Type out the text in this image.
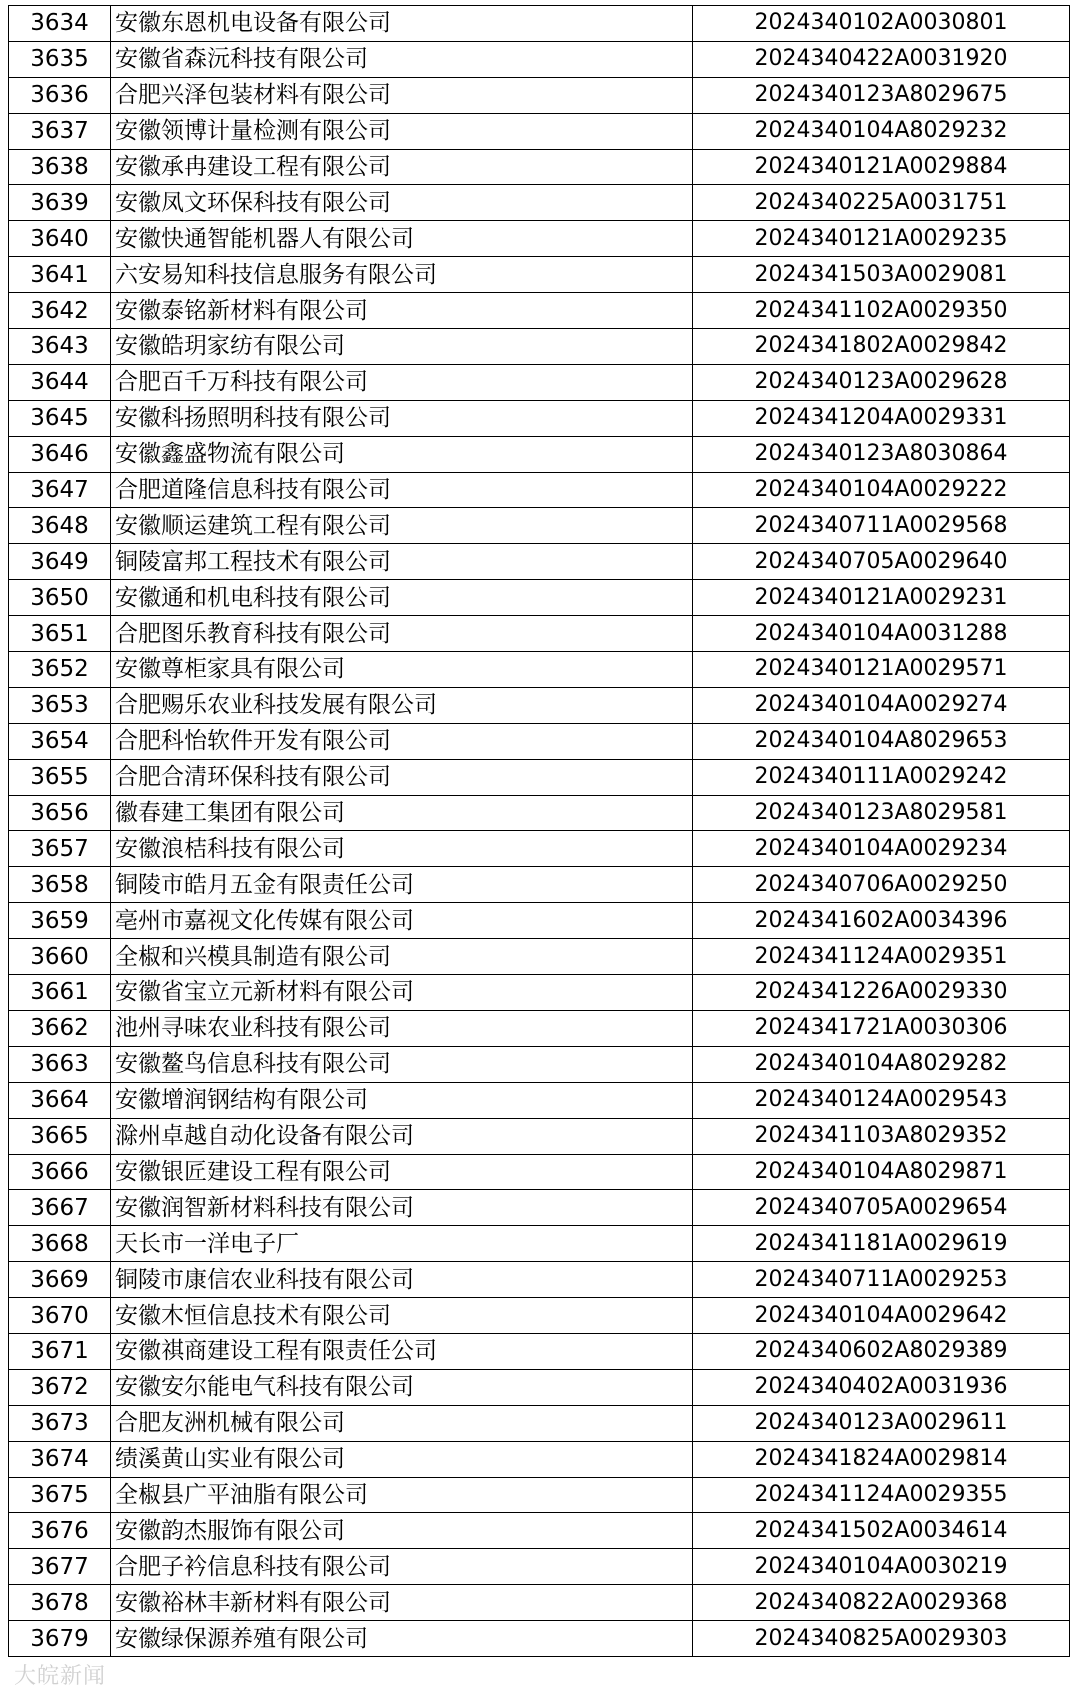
3634	安徽东恩机电设备有限公司	2024340102A0030801
3635	安徽省森沅科技有限公司	2024340422A0031920
3636	合肥兴泽包装材料有限公司	2024340123A8029675
3637	安徽领博计量检测有限公司	2024340104A8029232
3638	安徽承冉建设工程有限公司	2024340121A0029884
3639	安徽凤文环保科技有限公司	2024340225A0031751
3640	安徽快通智能机器人有限公司	2024340121A0029235
3641	六安易知科技信息服务有限公司	2024341503A0029081
3642	安徽泰铭新材料有限公司	2024341102A0029350
3643	安徽皓玥家纺有限公司	2024341802A0029842
3644	合肥百千万科技有限公司	2024340123A0029628
3645	安徽科扬照明科技有限公司	2024341204A0029331
3646	安徽鑫盛物流有限公司	2024340123A8030864
3647	合肥道隆信息科技有限公司	2024340104A0029222
3648	安徽顺运建筑工程有限公司	2024340711A0029568
3649	铜陵富邦工程技术有限公司	2024340705A0029640
3650	安徽通和机电科技有限公司	2024340121A0029231
3651	合肥图乐教育科技有限公司	2024340104A0031288
3652	安徽尊柜家具有限公司	2024340121A0029571
3653	合肥赐乐农业科技发展有限公司	2024340104A0029274
3654	合肥科怡软件开发有限公司	2024340104A8029653
3655	合肥合清环保科技有限公司	2024340111A0029242
3656	徽春建工集团有限公司	2024340123A8029581
3657	安徽浪桔科技有限公司	2024340104A0029234
3658	铜陵市皓月五金有限责任公司	2024340706A0029250
3659	亳州市嘉视文化传媒有限公司	2024341602A0034396
3660	全椒和兴模具制造有限公司	2024341124A0029351
3661	安徽省宝立元新材料有限公司	2024341226A0029330
3662	池州寻味农业科技有限公司	2024341721A0030306
3663	安徽鳌鸟信息科技有限公司	2024340104A8029282
3664	安徽增润钢结构有限公司	2024340124A0029543
3665	滁州卓越自动化设备有限公司	2024341103A8029352
3666	安徽银匠建设工程有限公司	2024340104A8029871
3667	安徽润智新材料科技有限公司	2024340705A0029654
3668	天长市一洋电子厂	2024341181A0029619
3669	铜陵市康信农业科技有限公司	2024340711A0029253
3670	安徽木恒信息技术有限公司	2024340104A0029642
3671	安徽祺商建设工程有限责任公司	2024340602A8029389
3672	安徽安尔能电气科技有限公司	2024340402A0031936
3673	合肥友洲机械有限公司	2024340123A0029611
3674	绩溪黄山实业有限公司	2024341824A0029814
3675	全椒县广平油脂有限公司	2024341124A0029355
3676	安徽韵杰服饰有限公司	2024341502A0034614
3677	合肥子衿信息科技有限公司	2024340104A0030219
3678	安徽裕林丰新材料有限公司	2024340822A0029368
3679	安徽绿保源养殖有限公司	2024340825A0029303
大皖新闻
